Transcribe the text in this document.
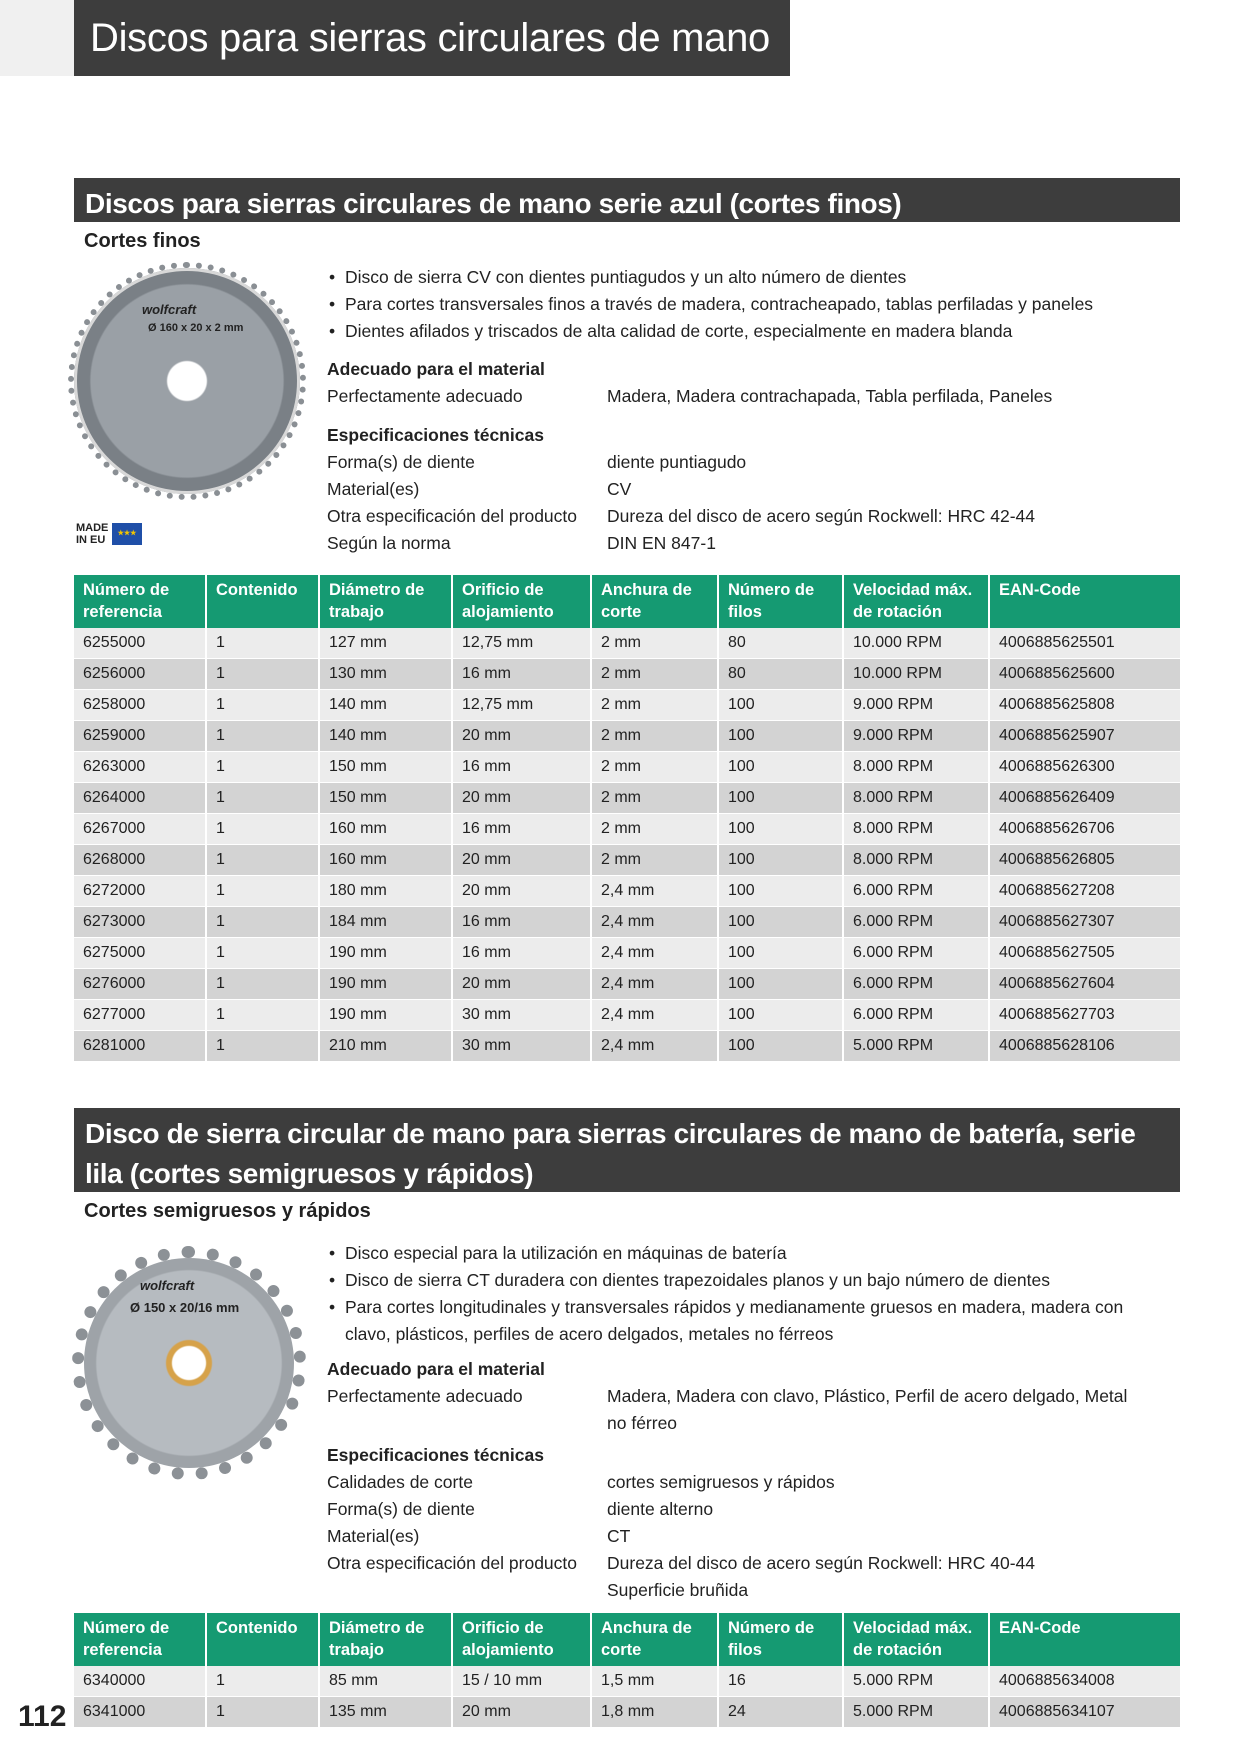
Discos para sierras circulares de mano
Discos para sierras circulares de mano serie azul (cortes finos)
Cortes finos
wolfcraft
Ø 160 x 20 x 2 mm
MADE IN EU
★★★
• Disco de sierra CV con dientes puntiagudos y un alto número de dientes
• Para cortes transversales finos a través de madera, contracheapado, tablas perfiladas y paneles
• Dientes afilados y triscados de alta calidad de corte, especialmente en madera blanda
Adecuado para el material
Perfectamente adecuado	Madera, Madera contrachapada, Tabla perfilada, Paneles
Especificaciones técnicas
Forma(s) de diente	diente puntiagudo
Material(es)	CV
Otra especificación del producto	Dureza del disco de acero según Rockwell: HRC 42-44
Según la norma	DIN EN 847-1
Número de referencia	Contenido	Diámetro de trabajo	Orificio de alojamiento	Anchura de corte	Número de filos	Velocidad máx. de rotación	EAN-Code
6255000	1	127 mm	12,75 mm	2 mm	80	10.000 RPM	4006885625501
6256000	1	130 mm	16 mm	2 mm	80	10.000 RPM	4006885625600
6258000	1	140 mm	12,75 mm	2 mm	100	9.000 RPM	4006885625808
6259000	1	140 mm	20 mm	2 mm	100	9.000 RPM	4006885625907
6263000	1	150 mm	16 mm	2 mm	100	8.000 RPM	4006885626300
6264000	1	150 mm	20 mm	2 mm	100	8.000 RPM	4006885626409
6267000	1	160 mm	16 mm	2 mm	100	8.000 RPM	4006885626706
6268000	1	160 mm	20 mm	2 mm	100	8.000 RPM	4006885626805
6272000	1	180 mm	20 mm	2,4 mm	100	6.000 RPM	4006885627208
6273000	1	184 mm	16 mm	2,4 mm	100	6.000 RPM	4006885627307
6275000	1	190 mm	16 mm	2,4 mm	100	6.000 RPM	4006885627505
6276000	1	190 mm	20 mm	2,4 mm	100	6.000 RPM	4006885627604
6277000	1	190 mm	30 mm	2,4 mm	100	6.000 RPM	4006885627703
6281000	1	210 mm	30 mm	2,4 mm	100	5.000 RPM	4006885628106
Disco de sierra circular de mano para sierras circulares de mano de batería, serie lila (cortes semigruesos y rápidos)
Cortes semigruesos y rápidos
wolfcraft
Ø 150 x 20/16 mm
• Disco especial para la utilización en máquinas de batería
• Disco de sierra CT duradera con dientes trapezoidales planos y un bajo número de dientes
• Para cortes longitudinales y transversales rápidos y medianamente gruesos en madera, madera con clavo, plásticos, perfiles de acero delgados, metales no férreos
Adecuado para el material
Perfectamente adecuado	Madera, Madera con clavo, Plástico, Perfil de acero delgado, Metal no férreo
Especificaciones técnicas
Calidades de corte	cortes semigruesos y rápidos
Forma(s) de diente	diente alterno
Material(es)	CT
Otra especificación del producto	Dureza del disco de acero según Rockwell: HRC 40-44
Superficie bruñida
Número de referencia	Contenido	Diámetro de trabajo	Orificio de alojamiento	Anchura de corte	Número de filos	Velocidad máx. de rotación	EAN-Code
6340000	1	85 mm	15 / 10 mm	1,5 mm	16	5.000 RPM	4006885634008
6341000	1	135 mm	20 mm	1,8 mm	24	5.000 RPM	4006885634107
112
